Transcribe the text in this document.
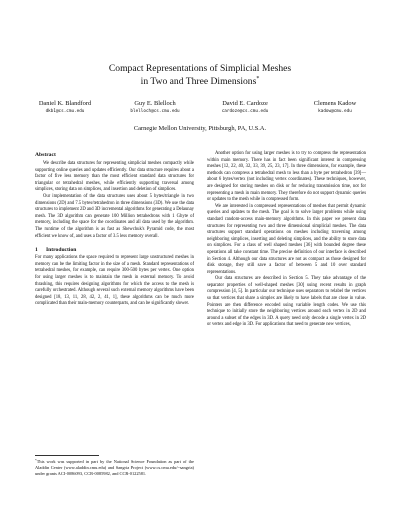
Compact Representations of Simplicial Meshes
in Two and Three Dimensions*
Daniel K. Blandford
dkb1@cs.cmu.edu
Guy E. Blelloch
blelloch@cs.cmu.edu
David E. Cardoze
cardoze@cs.cmu.edu
Clemens Kadow
kadow@cmu.edu
Carnegie Mellon University, Pittsburgh, PA, U.S.A.
Abstract

We describe data structures for representing simplicial meshes compactly while supporting online queries and updates efficiently. Our data structure requires about a factor of five less memory than the most efficient standard data structures for triangular or tetrahedral meshes, while efficiently supporting traversal among simplices, storing data on simplices, and insertion and deletion of simplices.

Our implementation of the data structures uses about 5 bytes/triangle in two dimensions (2D) and 7.5 bytes/tetrahedron in three dimensions (3D). We use the data structures to implement 2D and 3D incremental algorithms for generating a Delaunay mesh. The 3D algorithm can generate 100 Million tetrahedrons with 1 Gbyte of memory, including the space for the coordinates and all data used by the algorithm. The runtime of the algorithm is as fast as Shewchuk's Pyramid code, the most efficient we know of, and uses a factor of 3.5 less memory overall.

1 Introduction

For many applications the space required to represent large unstructured meshes in memory can be the limiting factor in the size of a mesh. Standard representations of tetrahedral meshes, for example, can require 300-500 bytes per vertex. One option for using larger meshes is to maintain the mesh in external memory. To avoid thrashing, this requires designing algorithms for which the access to the mesh is carefully orchestrated. Although several such external memory algorithms have been designed [18, 13, 11, 28, 42, 2, 41, 1], these algorithms can be much more complicated than their main-memory counterparts, and can be significantly slower.

*This work was supported in part by the National Science Foundation as part of the Aladdin Center (www.aladdin.cmu.edu) and Sangria Project (www.cs.cmu.edu/~sangria) under grants ACI-0086093, CCR-0085982, and CCR-0122581.

Another option for using larger meshes is to try to compress the representation within main memory. There has in fact been significant interest in compressing meshes [12, 22, 40, 32, 33, 39, 25, 23, 17]. In three dimensions, for example, these methods can compress a tetrahedral mesh to less than a byte per tetrahedron [39]—about 6 bytes/vertex (not including vertex coordinates). These techniques, however, are designed for storing meshes on disk or for reducing transmission time, not for representing a mesh in main memory. They therefore do not support dynamic queries or updates to the mesh while in compressed form.

We are interested in compressed representations of meshes that permit dynamic queries and updates to the mesh. The goal is to solve larger problems while using standard random-access main-memory algorithms. In this paper we present data structures for representing two and three dimensional simplicial meshes. The data structures support standard operations on meshes including traversing among neighboring simplices, inserting and deleting simplices, and the ability to store data on simplices. For a class of well shaped meshes [36] with bounded degree these operations all take constant time. The precise definition of our interface is described in Section 4. Although our data structures are not as compact as those designed for disk storage, they still save a factor of between 5 and 10 over standard representations.

Our data structures are described in Section 5. They take advantage of the separator properties of well-shaped meshes [30] using recent results in graph compression [4, 5]. In particular our technique uses separators to relabel the vertices so that vertices that share a simplex are likely to have labels that are close in value. Pointers are then difference encoded using variable length codes. We use this technique to initially store the neighboring vertices around each vertex in 2D and around a subset of the edges in 3D. A query need only decode a single vertex in 2D or vertex and edge in 3D. For applications that need to generate new vertices,
